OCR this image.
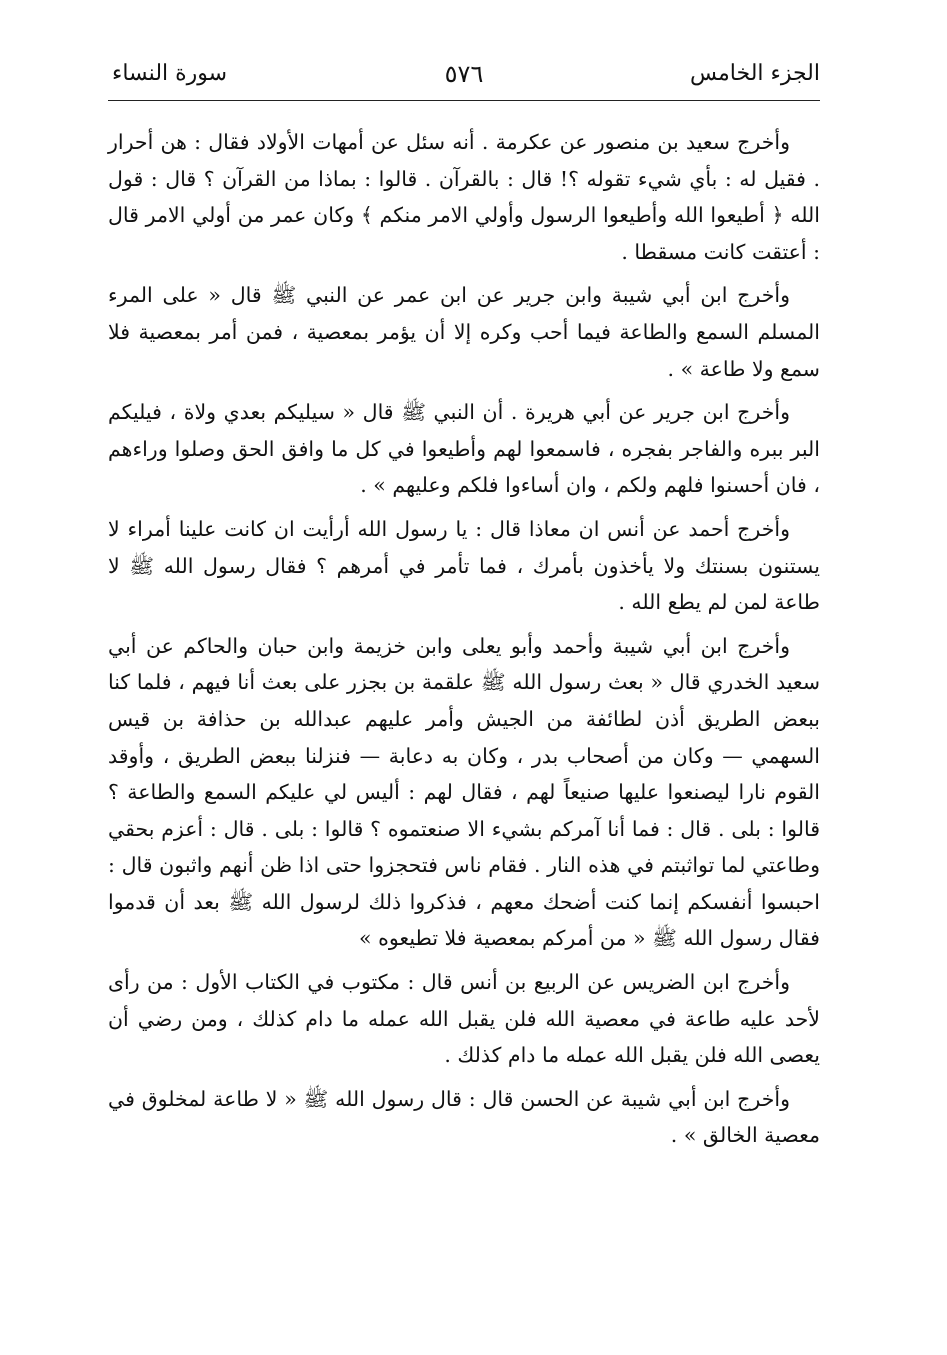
الجزء الخامس
٥٧٦
سورة النساء

وأخرج سعيد بن منصور عن عكرمة . أنه سئل عن أمهات الأولاد فقال : هن أحرار . فقيل له : بأي شيء تقوله ؟! قال : بالقرآن . قالوا : بماذا من القرآن ؟ قال : قول الله ﴿ أطيعوا الله وأطيعوا الرسول وأولي الامر منكم ﴾ وكان عمر من أولي الامر قال : أعتقت كانت مسقطا .

وأخرج ابن أبي شيبة وابن جرير عن ابن عمر عن النبي ﷺ قال « على المرء المسلم السمع والطاعة فيما أحب وكره إلا أن يؤمر بمعصية ، فمن أمر بمعصية فلا سمع ولا طاعة » .

وأخرج ابن جرير عن أبي هريرة . أن النبي ﷺ قال « سيليكم بعدي ولاة ، فيليكم البر ببره والفاجر بفجره ، فاسمعوا لهم وأطيعوا في كل ما وافق الحق وصلوا وراءهم ، فان أحسنوا فلهم ولكم ، وان أساءوا فلكم وعليهم » .

وأخرج أحمد عن أنس ان معاذا قال : يا رسول الله أرأيت ان كانت علينا أمراء لا يستنون بسنتك ولا يأخذون بأمرك ، فما تأمر في أمرهم ؟ فقال رسول الله ﷺ لا طاعة لمن لم يطع الله .

وأخرج ابن أبي شيبة وأحمد وأبو يعلى وابن خزيمة وابن حبان والحاكم عن أبي سعيد الخدري قال « بعث رسول الله ﷺ علقمة بن بجزر على بعث أنا فيهم ، فلما كنا ببعض الطريق أذن لطائفة من الجيش وأمر عليهم عبدالله بن حذافة بن قيس السهمي — وكان من أصحاب بدر ، وكان به دعابة — فنزلنا ببعض الطريق ، وأوقد القوم نارا ليصنعوا عليها صنيعاً لهم ، فقال لهم : أليس لي عليكم السمع والطاعة ؟ قالوا : بلى . قال : فما أنا آمركم بشيء الا صنعتموه ؟ قالوا : بلى . قال : أعزم بحقي وطاعتي لما تواثبتم في هذه النار . فقام ناس فتحجزوا حتى اذا ظن أنهم واثبون قال : احبسوا أنفسكم إنما كنت أضحك معهم ، فذكروا ذلك لرسول الله ﷺ بعد أن قدموا فقال رسول الله ﷺ « من أمركم بمعصية فلا تطيعوه »

وأخرج ابن الضريس عن الربيع بن أنس قال : مكتوب في الكتاب الأول : من رأى لأحد عليه طاعة في معصية الله فلن يقبل الله عمله ما دام كذلك ، ومن رضي أن يعصى الله فلن يقبل الله عمله ما دام كذلك .

وأخرج ابن أبي شيبة عن الحسن قال : قال رسول الله ﷺ « لا طاعة لمخلوق في معصية الخالق » .
